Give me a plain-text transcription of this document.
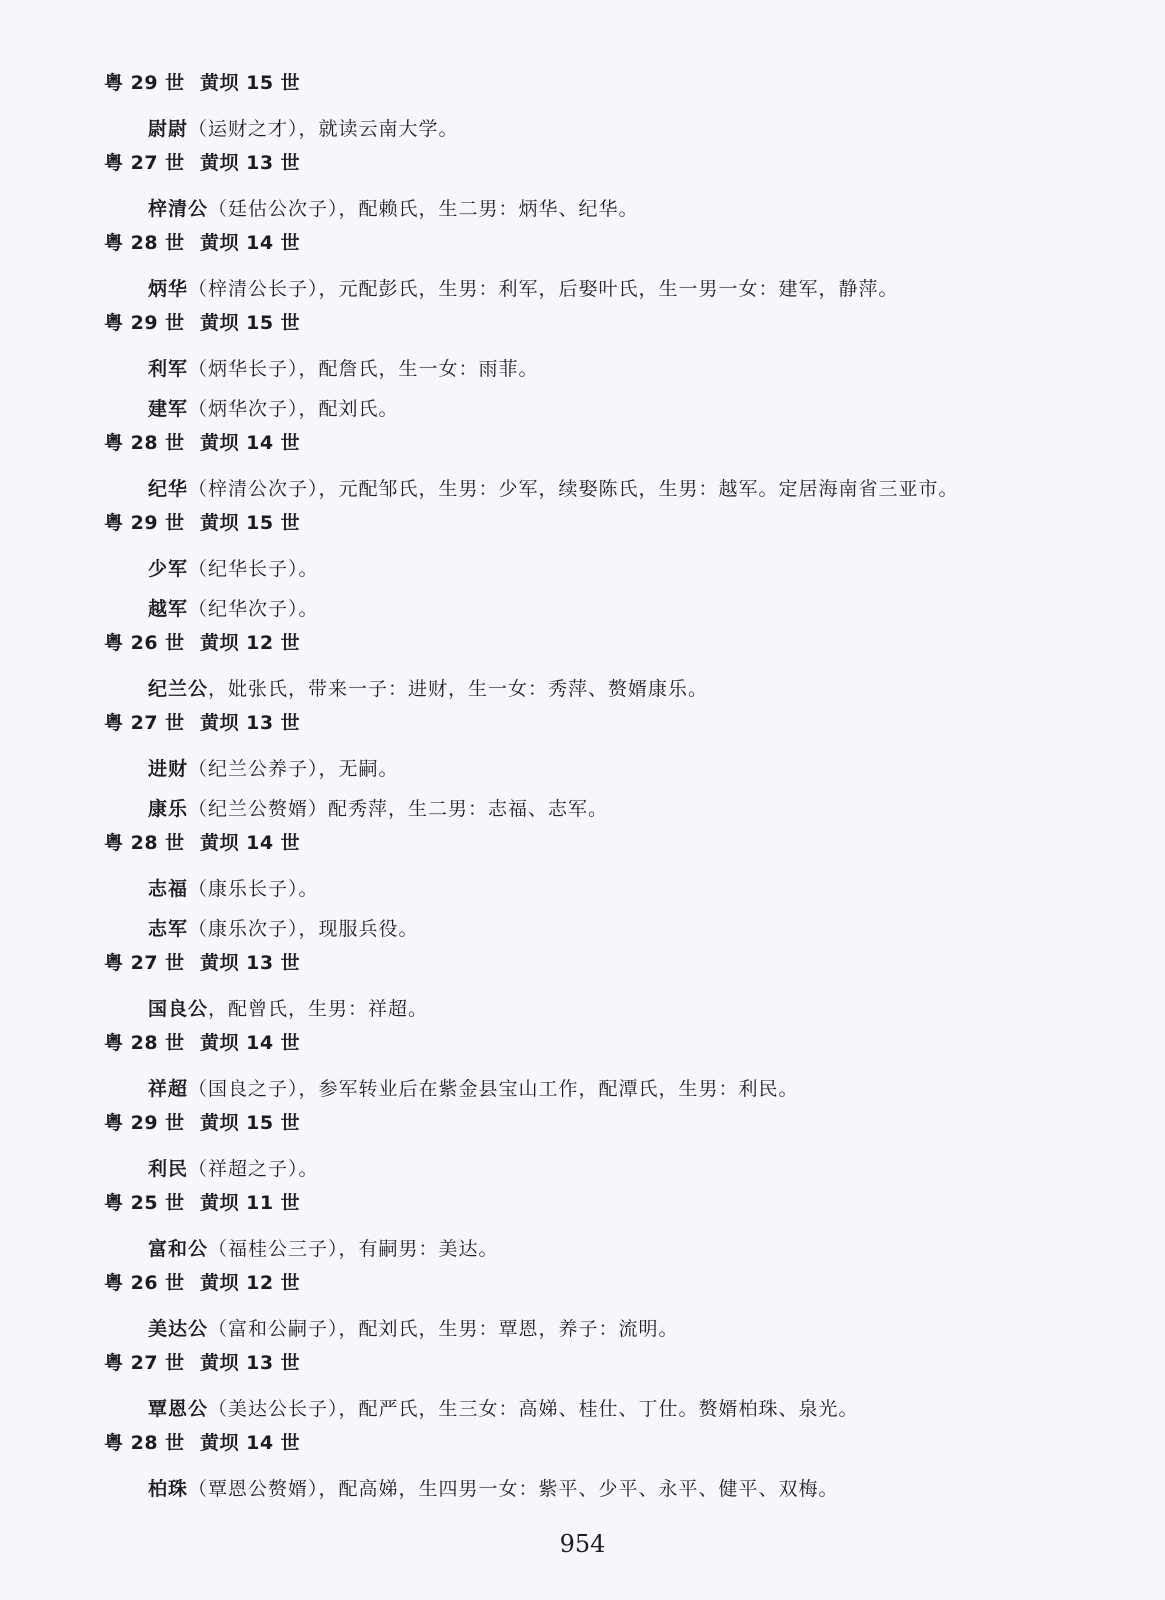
粤 29 世 黄坝 15 世
尉尉（运财之才），就读云南大学。
粤 27 世 黄坝 13 世
梓清公（廷估公次子），配赖氏，生二男：炳华、纪华。
粤 28 世 黄坝 14 世
炳华（梓清公长子），元配彭氏，生男：利军，后娶叶氏，生一男一女：建军，静萍。
粤 29 世 黄坝 15 世
利军（炳华长子），配詹氏，生一女：雨菲。
建军（炳华次子），配刘氏。
粤 28 世 黄坝 14 世
纪华（梓清公次子），元配邹氏，生男：少军，续娶陈氏，生男：越军。定居海南省三亚市。
粤 29 世 黄坝 15 世
少军（纪华长子）。
越军（纪华次子）。
粤 26 世 黄坝 12 世
纪兰公，妣张氏，带来一子：进财，生一女：秀萍、赘婿康乐。
粤 27 世 黄坝 13 世
进财（纪兰公养子），无嗣。
康乐（纪兰公赘婿）配秀萍，生二男：志福、志军。
粤 28 世 黄坝 14 世
志福（康乐长子）。
志军（康乐次子），现服兵役。
粤 27 世 黄坝 13 世
国良公，配曾氏，生男：祥超。
粤 28 世 黄坝 14 世
祥超（国良之子），参军转业后在紫金县宝山工作，配潭氏，生男：利民。
粤 29 世 黄坝 15 世
利民（祥超之子）。
粤 25 世 黄坝 11 世
富和公（福桂公三子），有嗣男：美达。
粤 26 世 黄坝 12 世
美达公（富和公嗣子），配刘氏，生男：覃恩，养子：流明。
粤 27 世 黄坝 13 世
覃恩公（美达公长子），配严氏，生三女：高娣、桂仕、丁仕。赘婿柏珠、泉光。
粤 28 世 黄坝 14 世
柏珠（覃恩公赘婿），配高娣，生四男一女：紫平、少平、永平、健平、双梅。
954
